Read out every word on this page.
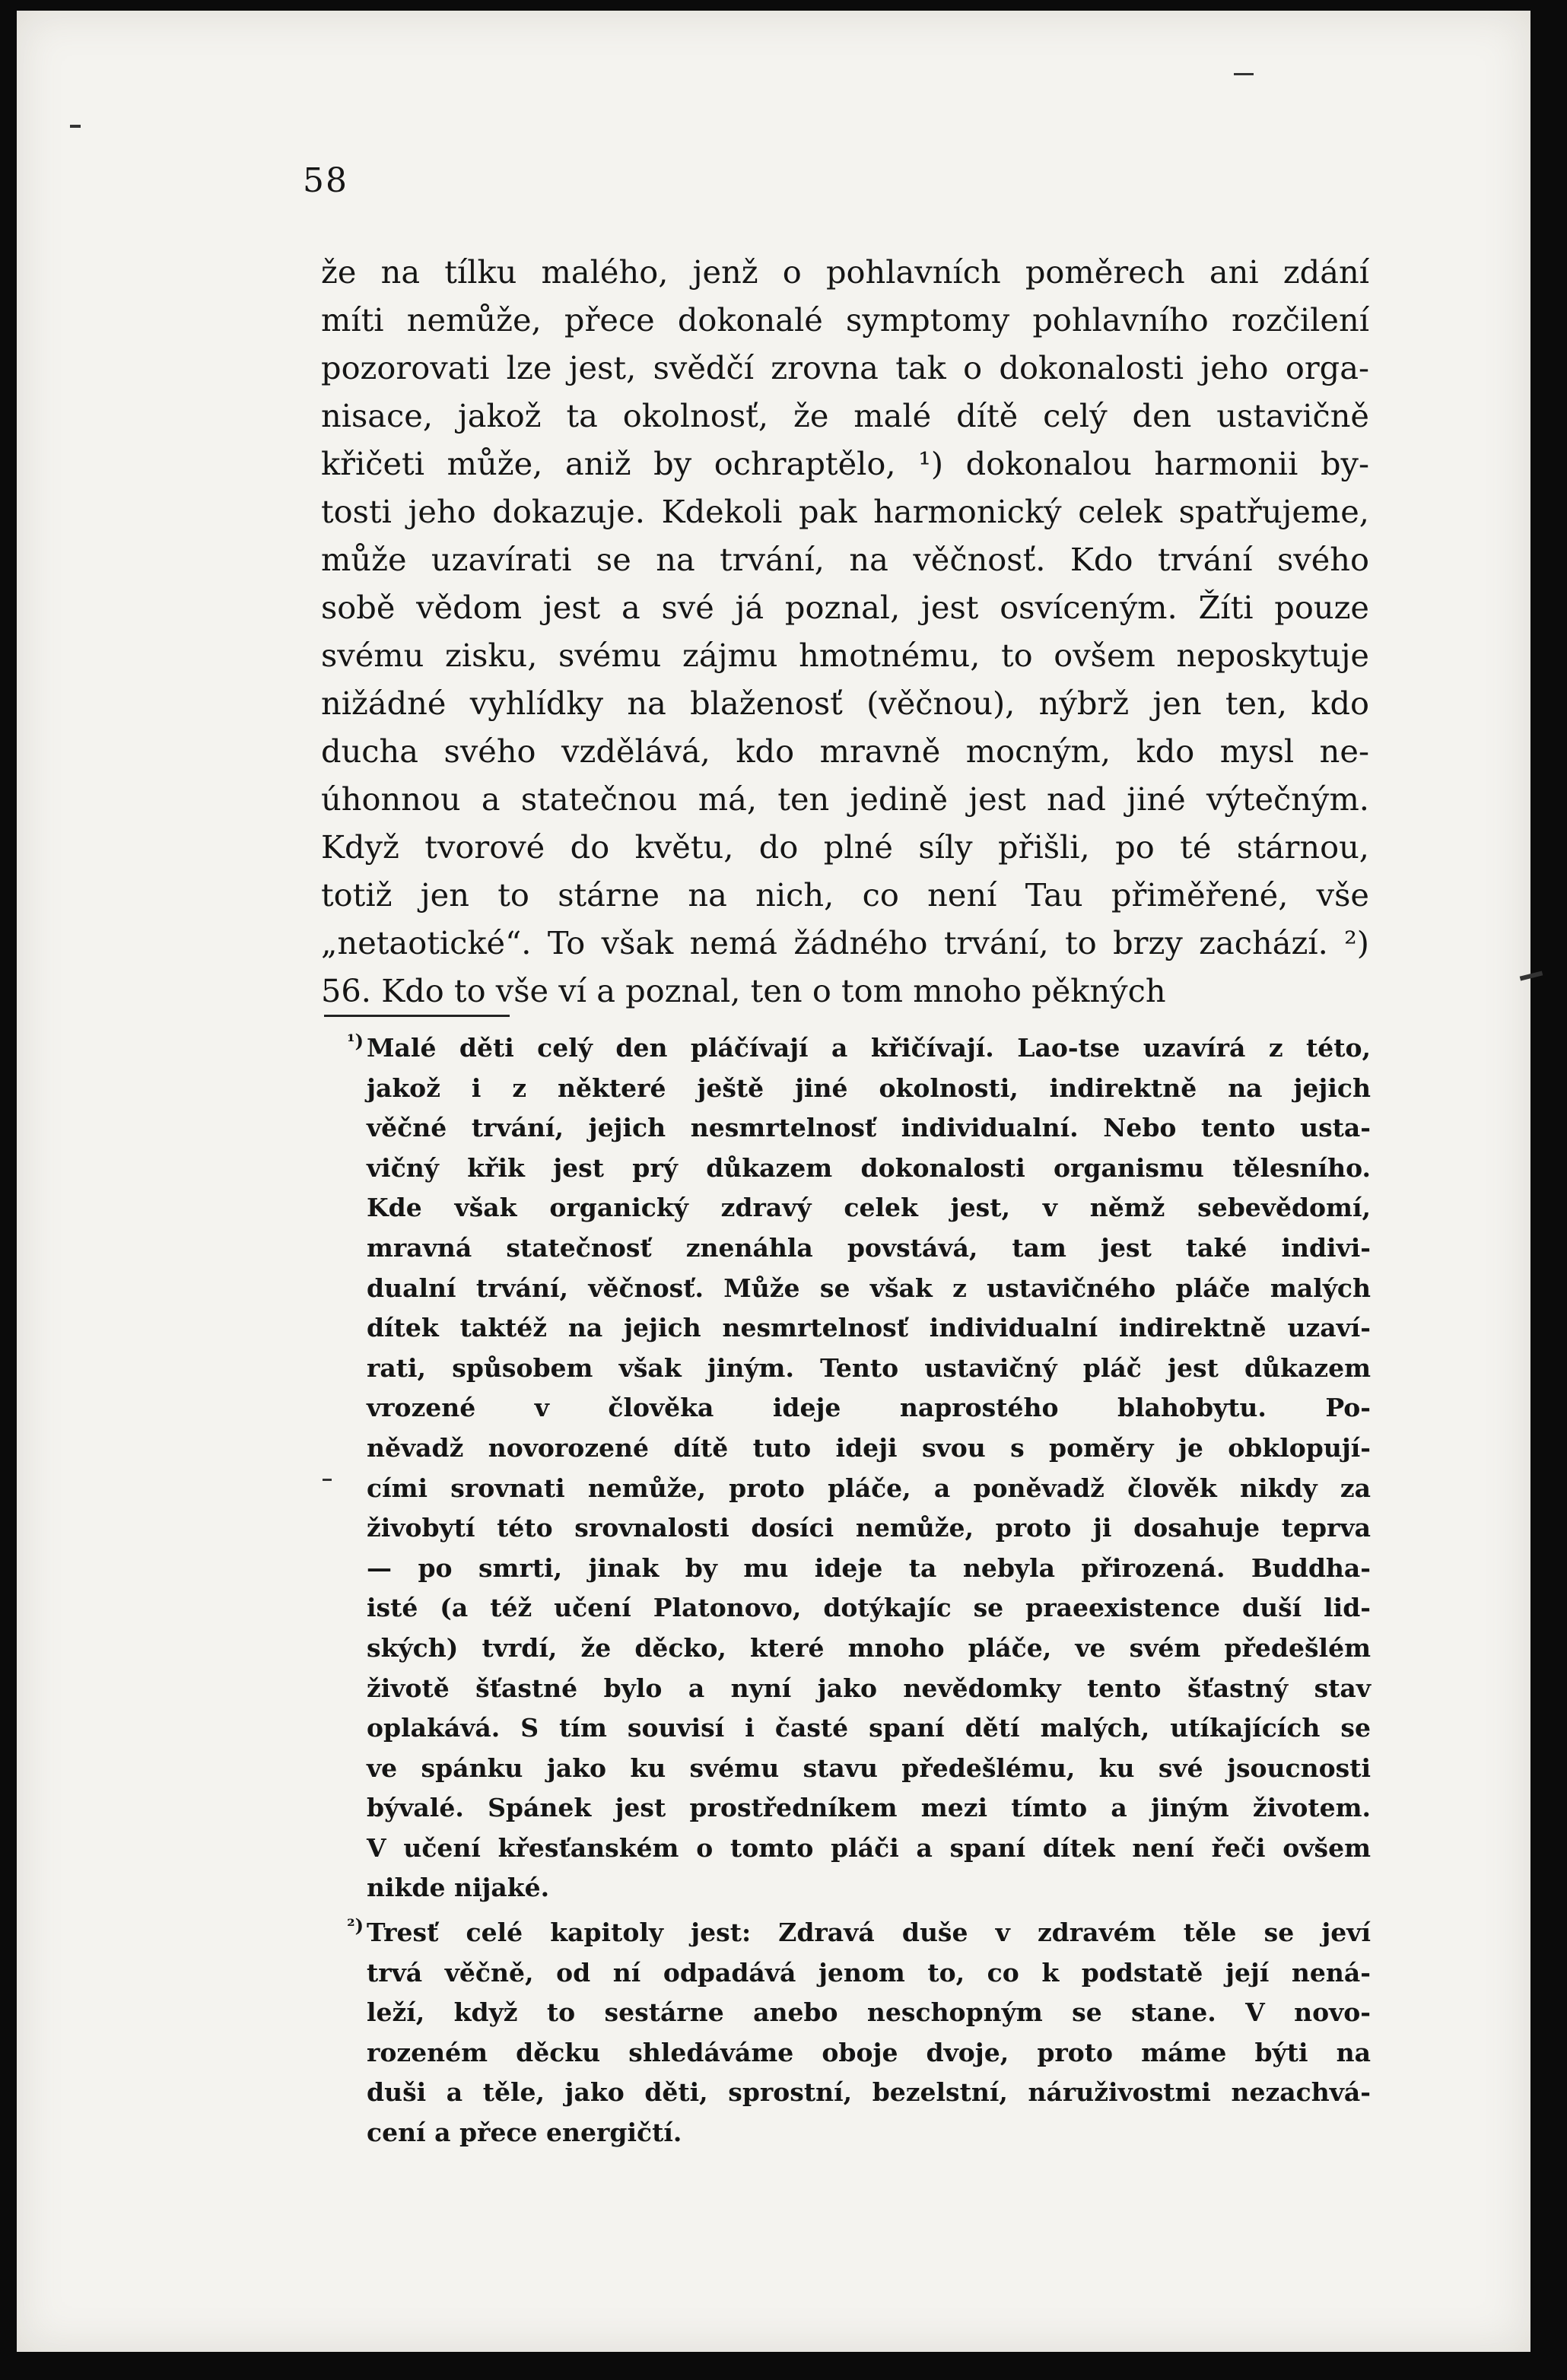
58
že na tílku malého, jenž o pohlavních poměrech ani zdání
míti nemůže, přece dokonalé symptomy pohlavního rozčilení
pozorovati lze jest, svědčí zrovna tak o dokonalosti jeho orga-
nisace, jakož ta okolnosť, že malé dítě celý den ustavičně
křičeti může, aniž by ochraptělo, ¹) dokonalou harmonii by-
tosti jeho dokazuje. Kdekoli pak harmonický celek spatřujeme,
může uzavírati se na trvání, na věčnosť. Kdo trvání svého
sobě vědom jest a své já poznal, jest osvíceným. Žíti pouze
svému zisku, svému zájmu hmotnému, to ovšem neposkytuje
nižádné vyhlídky na blaženosť (věčnou), nýbrž jen ten, kdo
ducha svého vzdělává, kdo mravně mocným, kdo mysl ne-
úhonnou a statečnou má, ten jedině jest nad jiné výtečným.
Když tvorové do květu, do plné síly přišli, po té stárnou,
totiž jen to stárne na nich, co není Tau přiměřené, vše
„netaotické“. To však nemá žádného trvání, to brzy zachází. ²)
56. Kdo to vše ví a poznal, ten o tom mnoho pěkných
¹) Malé děti celý den pláčívají a křičívají. Lao-tse uzavírá z této,
jakož i z některé ještě jiné okolnosti, indirektně na jejich
věčné trvání, jejich nesmrtelnosť individualní. Nebo tento usta-
vičný křik jest prý důkazem dokonalosti organismu tělesního.
Kde však organický zdravý celek jest, v němž sebevědomí,
mravná statečnosť znenáhla povstává, tam jest také indivi-
dualní trvání, věčnosť. Může se však z ustavičného pláče malých
dítek taktéž na jejich nesmrtelnosť individualní indirektně uzaví-
rati, spůsobem však jiným. Tento ustavičný pláč jest důkazem
vrozené v člověka ideje naprostého blahobytu. Po-
něvadž novorozené dítě tuto ideji svou s poměry je obklopují-
cími srovnati nemůže, proto pláče, a poněvadž člověk nikdy za
živobytí této srovnalosti dosíci nemůže, proto ji dosahuje teprva
— po smrti, jinak by mu ideje ta nebyla přirozená. Buddha-
isté (a též učení Platonovo, dotýkajíc se praeexistence duší lid-
ských) tvrdí, že děcko, které mnoho pláče, ve svém předešlém
životě šťastné bylo a nyní jako nevědomky tento šťastný stav
oplakává. S tím souvisí i časté spaní dětí malých, utíkajících se
ve spánku jako ku svému stavu předešlému, ku své jsoucnosti
bývalé. Spánek jest prostředníkem mezi tímto a jiným životem.
V učení křesťanském o tomto pláči a spaní dítek není řeči ovšem
nikde nijaké.
²) Tresť celé kapitoly jest: Zdravá duše v zdravém těle se jeví
trvá věčně, od ní odpadává jenom to, co k podstatě její nená-
leží, když to sestárne anebo neschopným se stane. V novo-
rozeném děcku shledáváme oboje dvoje, proto máme býti na
duši a těle, jako děti, sprostní, bezelstní, náruživostmi nezachvá-
cení a přece energičtí.
